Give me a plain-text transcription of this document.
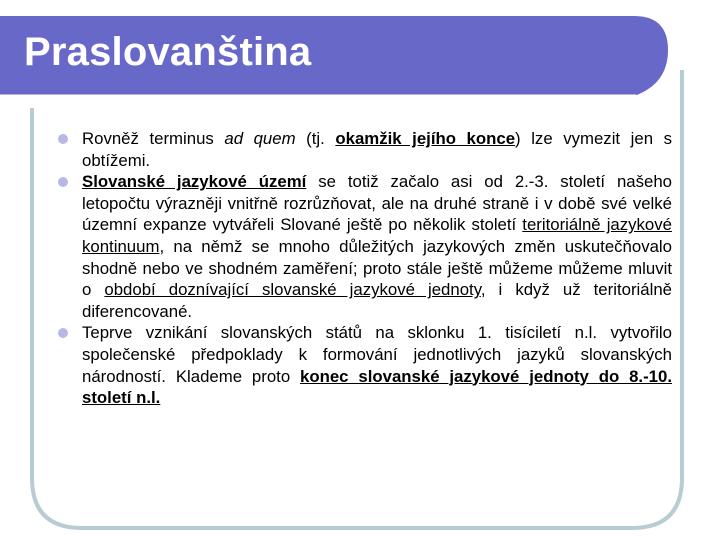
Praslovanština
Rovněž terminus ad quem (tj. okamžik jejího konce) lze vymezit jen s obtížemi.
Slovanské jazykové území se totiž začalo asi od 2.-3. století našeho letopočtu výrazněji vnitřně rozrůzňovat, ale na druhé straně i v době své velké územní expanze vytvářeli Slované ještě po několik století teritoriálně jazykové kontinuum, na němž se mnoho důležitých jazykových změn uskutečňovalo shodně nebo ve shodném zaměření; proto stále ještě můžeme můžeme mluvit o období doznívající slovanské jazykové jednoty, i když už teritoriálně diferencované.
Teprve vznikání slovanských států na sklonku 1. tisíciletí n.l. vytvořilo společenské předpoklady k formování jednotlivých jazyků slovanských národností. Klademe proto konec slovanské jazykové jednoty do 8.-10. století n.l.
